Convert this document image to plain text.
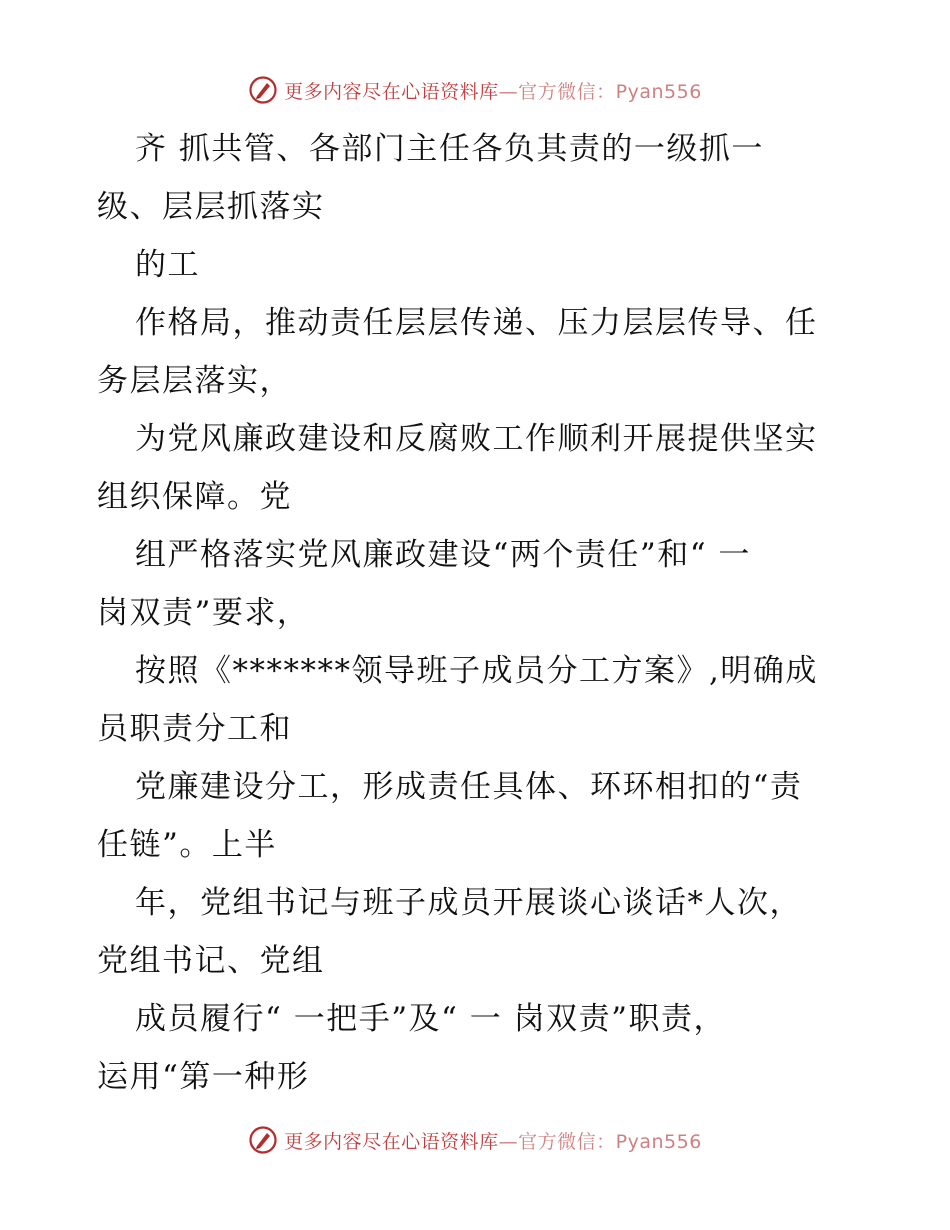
更多内容尽在心语资料库—官方微信：Pyan556
齐 抓共管、各部门主任各负其责的一级抓一
级、层层抓落实
的工
作格局，推动责任层层传递、压力层层传导、任
务层层落实，
为党风廉政建设和反腐败工作顺利开展提供坚实
组织保障。党
组严格落实党风廉政建设“两个责任”和“ 一
岗双责”要求，
按照《*******领导班子成员分工方案》,明确成
员职责分工和
党廉建设分工，形成责任具体、环环相扣的“责
任链”。上半
年，党组书记与班子成员开展谈心谈话*人次，
党组书记、党组
成员履行“ 一把手”及“ 一 岗双责”职责，
运用“第一种形
更多内容尽在心语资料库—官方微信：Pyan556
